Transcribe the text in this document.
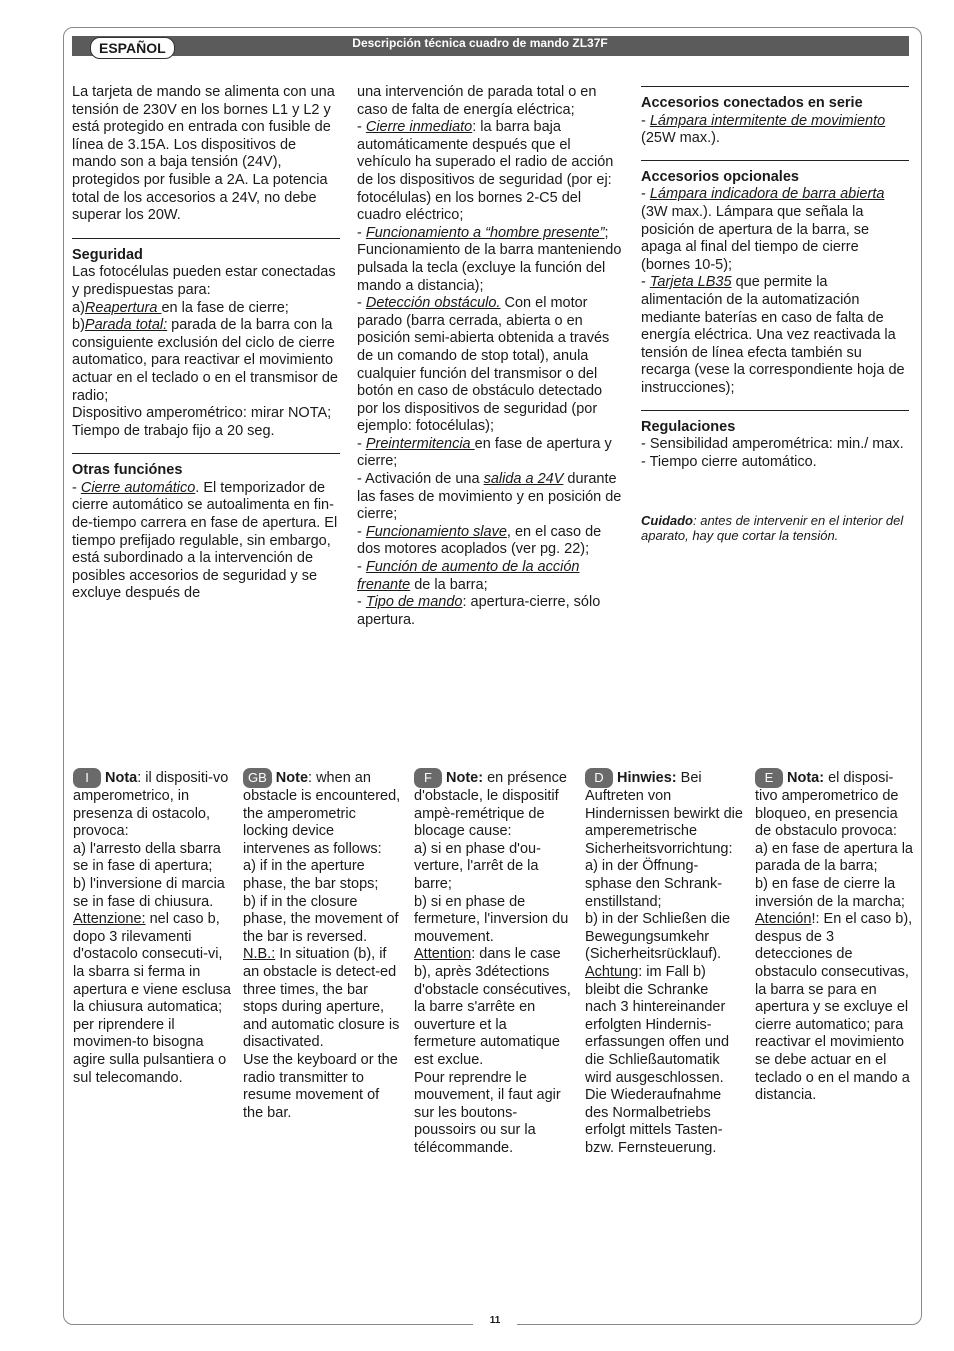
11
ESPAÑOL	Descripción técnica cuadro de mando ZL37F

La tarjeta de mando se alimenta con una tensión de 230V en los bornes L1 y L2 y está protegido en entrada con fusible de línea de 3.15A. Los dispositivos de mando son a baja tensión (24V), protegidos por fusible a 2A. La potencia total de los accesorios a 24V, no debe superar los 20W.

Seguridad

Las fotocélulas pueden estar conectadas y predispuestas para:

a)Reapertura en la fase de cierre;

b)Parada total: parada de la barra con la consiguiente exclusión del ciclo de cierre automatico, para reactivar el movimiento actuar en el teclado o en el transmisor de radio;

Dispositivo amperométrico: mirar NOTA;

Tiempo de trabajo fijo a 20 seg.

Otras funciónes

- Cierre automático. El temporizador de cierre automático se autoalimenta en fin-de-tiempo carrera en fase de apertura. El tiempo prefijado regulable, sin embargo, está subordinado a la intervención de posibles accesorios de seguridad y se excluye después de

una intervención de parada total o en caso de falta de energía eléctrica;

- Cierre inmediato: la barra baja automáticamente después que el vehículo ha superado el radio de acción de los dispositivos de seguridad (por ej: fotocélulas) en los bornes 2-C5 del cuadro eléctrico;

- Funcionamiento a “hombre presente”; Funcionamiento de la barra manteniendo pulsada la tecla (excluye la función del mando a distancia);

- Detección obstáculo. Con el motor parado (barra cerrada, abierta o en posición semi-abierta obtenida a través de un comando de stop total), anula cualquier función del transmisor o del botón en caso de obstáculo detectado por los dispositivos de seguridad (por ejemplo: fotocélulas);

- Preintermitencia en fase de apertura y cierre;

- Activación de una salida a 24V durante las fases de movimiento y en posición de cierre;

- Funcionamiento slave, en el caso de dos motores acoplados (ver pg. 22);

- Función de aumento de la acción frenante de la barra;

- Tipo de mando: apertura-cierre, sólo apertura.

Accesorios conectados en serie

- Lámpara intermitente de movimiento (25W max.).

Accesorios opcionales

- Lámpara indicadora de barra abierta (3W max.). Lámpara que señala la posición de apertura de la barra, se apaga al final del tiempo de cierre (bornes 10-5);

- Tarjeta LB35 que permite la alimentación de la automatización mediante baterías en caso de falta de energía eléctrica. Una vez reactivada la tensión de línea efecta también su recarga (vese la correspondiente hoja de instrucciones);

Regulaciones

- Sensibilidad amperométrica: min./ max.

- Tiempo cierre automático.

Cuidado: antes de intervenir en el interior del aparato, hay que cortar la tensión.

I Nota: il dispositi-vo amperometrico, in presenza di ostacolo, provoca:

a) l'arresto della sbarra se in fase di apertura;
b) l'inversione di marcia se in fase di chiusura.

Attenzione: nel caso b, dopo 3 rilevamenti d'ostacolo consecuti-vi, la sbarra si ferma in apertura e viene esclusa la chiusura automatica; per riprendere il movimen-to bisogna agire sulla pulsantiera o sul telecomando.

GB Note: when an obstacle is encountered, the amperometric locking device intervenes as follows:

a) if in the aperture phase, the bar stops;
b) if in the closure phase, the movement of the bar is reversed.

N.B.: In situation (b), if an obstacle is detect-ed three times, the bar stops during aperture, and automatic closure is disactivated.

Use the keyboard or the radio transmitter to resume movement of the bar.

F Note: en présence d'obstacle, le dispositif ampè-remétrique de blocage cause:

a) si en phase d'ou-verture, l'arrêt de la barre;
b) si en phase de fermeture, l'inversion du mouvement.

Attention: dans le case b), après 3détections d'obstacle consécutives, la barre s'arrête en ouverture et la fermeture automatique est exclue.

Pour reprendre le mouvement, il faut agir sur les boutons-poussoirs ou sur la télécommande.

D Hinwies: Bei Auftreten von Hindernissen bewirkt die amperemetrische Sicherheitsvorrichtung:

a) in der Öffnung-sphase den Schrank-enstillstand;
b) in der Schließen die Bewegungsumkehr (Sicherheitsrücklauf).

Achtung: im Fall b) bleibt die Schranke nach 3 hintereinander erfolgten Hindernis-erfassungen offen und die Schließautomatik wird ausgeschlossen. Die Wiederaufnahme des Normalbetriebs erfolgt mittels Tasten- bzw. Fernsteuerung.

E Nota: el disposi-tivo amperometrico de bloqueo, en presencia de obstaculo provoca:

a) en fase de apertura la parada de la barra;
b) en fase de cierre la inversión de la marcha;

Atención!: En el caso b), despus de 3 detecciones de obstaculo consecutivas, la barra se para en apertura y se excluye el cierre automatico; para reactivar el movimiento se debe actuar en el teclado o en el mando a distancia.
